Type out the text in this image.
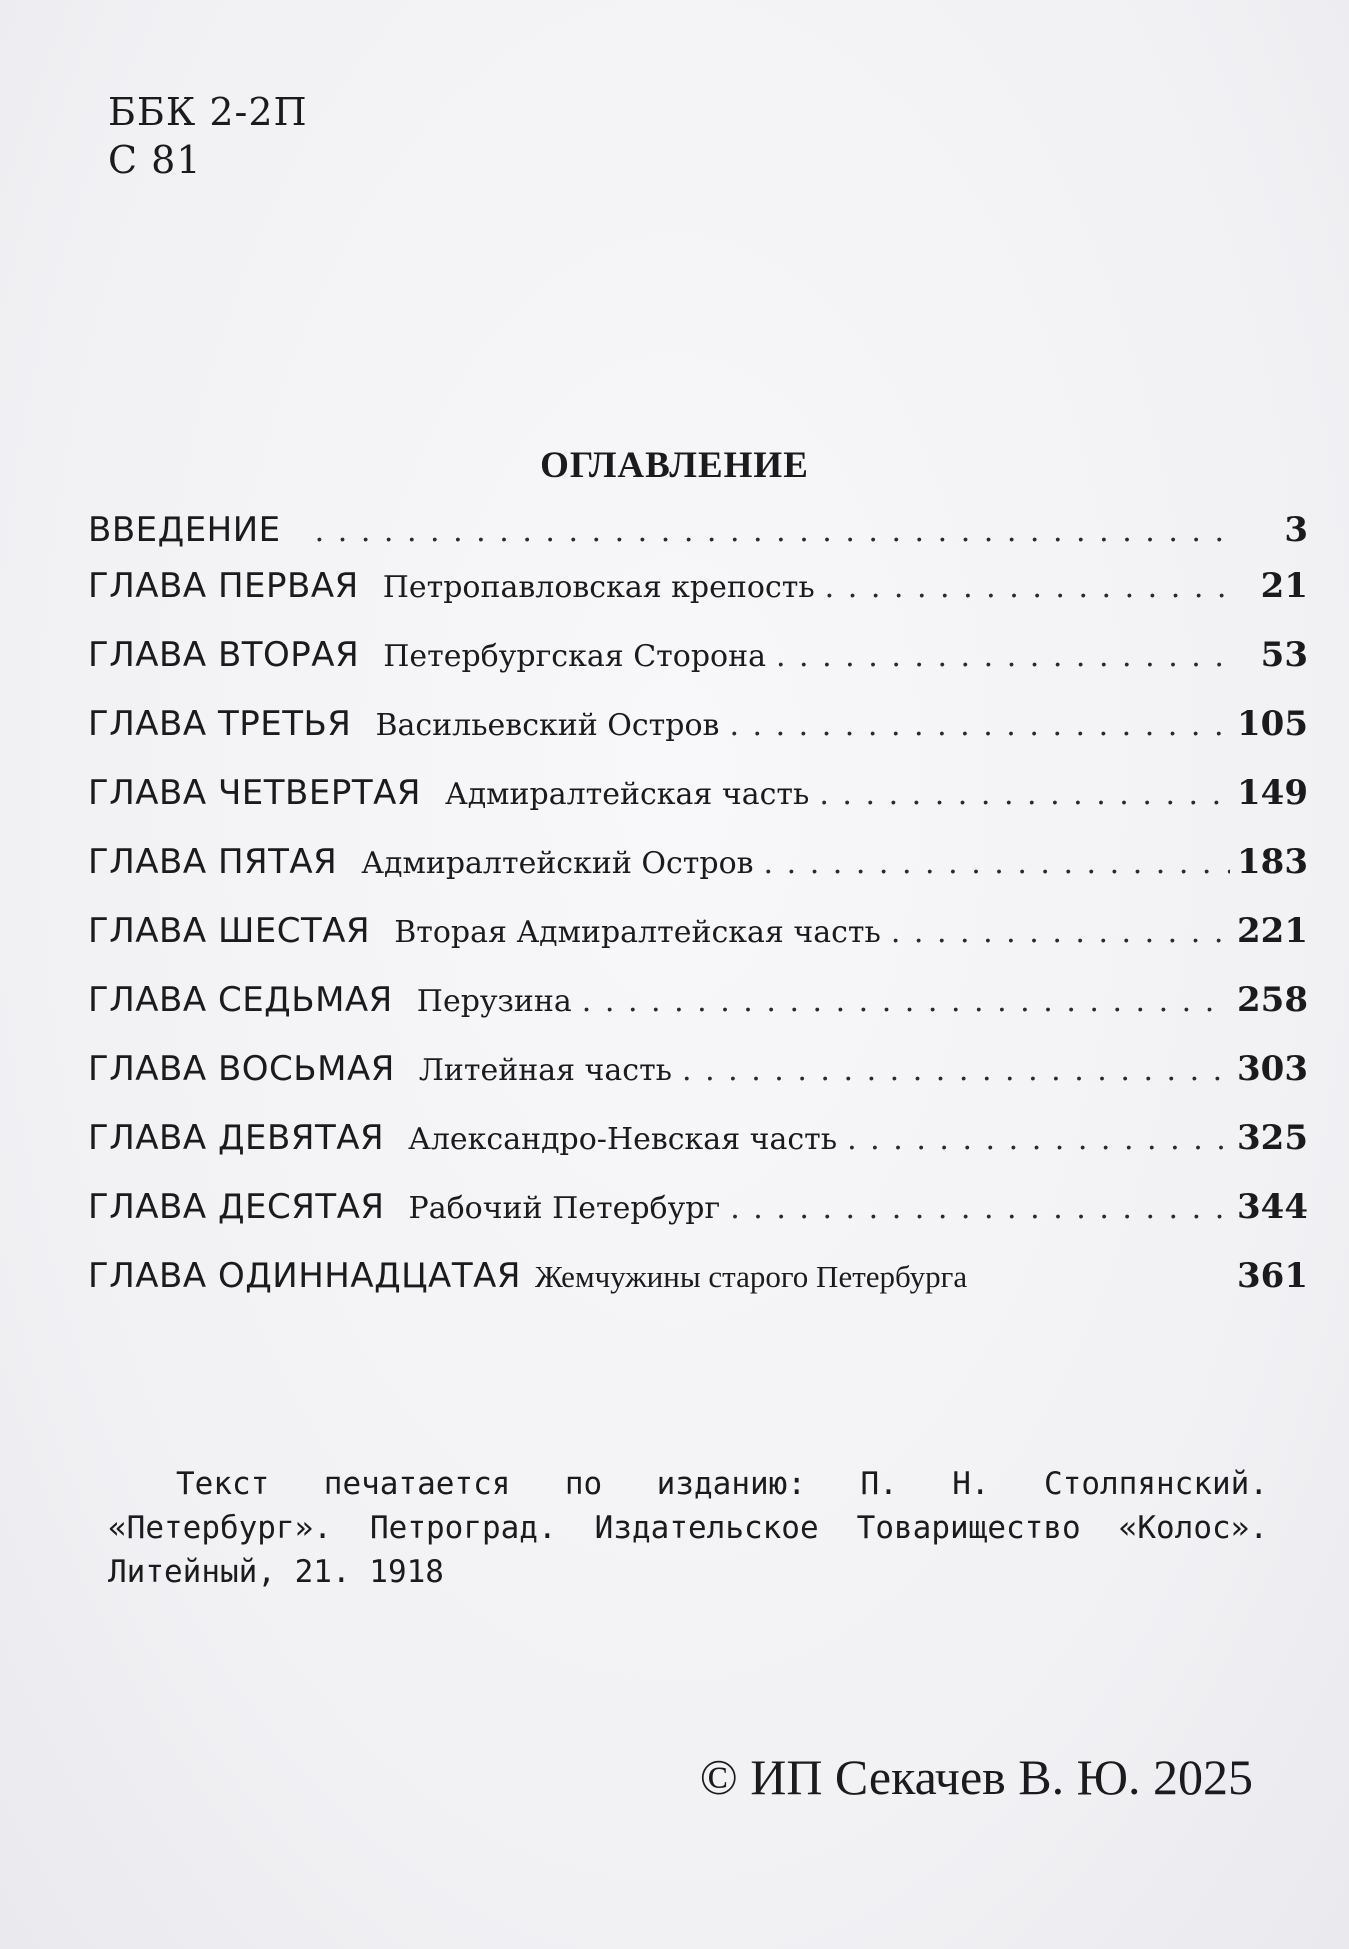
ББК 2-2П
С 81
ОГЛАВЛЕНИЕ
ВВЕДЕНИЕ . . .	3
ГЛАВА ПЕРВАЯ Петропавловская крепость . . .	21
ГЛАВА ВТОРАЯ Петербургская Сторона . . .	53
ГЛАВА ТРЕТЬЯ Васильевский Остров . . .	105
ГЛАВА ЧЕТВЕРТАЯ Адмиралтейская часть . . .	149
ГЛАВА ПЯТАЯ Адмиралтейский Остров . . .	183
ГЛАВА ШЕСТАЯ Вторая Адмиралтейская часть . . .	221
ГЛАВА СЕДЬМАЯ Перузина . . .	258
ГЛАВА ВОСЬМАЯ Литейная часть . . .	303
ГЛАВА ДЕВЯТАЯ Александро-Невская часть . . .	325
ГЛАВА ДЕСЯТАЯ Рабочий Петербург . . .	344
ГЛАВА ОДИННАДЦАТАЯ Жемчужины старого Петербурга	361
Текст печатается по изданию: П. Н. Столпянский. «Петербург». Петроград. Издательское Товарищество «Колос». Литейный, 21. 1918
© ИП Секачев В. Ю. 2025
